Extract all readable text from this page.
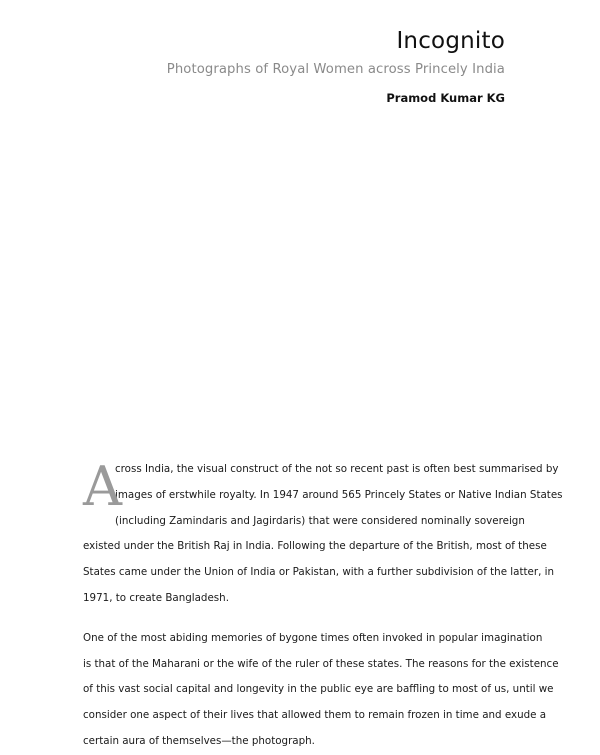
Incognito

Photographs of Royal Women across Princely India

Pramod Kumar KG

A
cross India, the visual construct of the not so recent past is often best summarised by
images of erstwhile royalty. In 1947 around 565 Princely States or Native Indian States
(including Zamindaris and Jagirdaris) that were considered nominally sovereign
existed under the British Raj in India. Following the departure of the British, most of these
States came under the Union of India or Pakistan, with a further subdivision of the latter, in
1971, to create Bangladesh.
One of the most abiding memories of bygone times often invoked in popular imagination
is that of the Maharani or the wife of the ruler of these states. The reasons for the existence
of this vast social capital and longevity in the public eye are baffling to most of us, until we
consider one aspect of their lives that allowed them to remain frozen in time and exude a
certain aura of themselves—the photograph.
